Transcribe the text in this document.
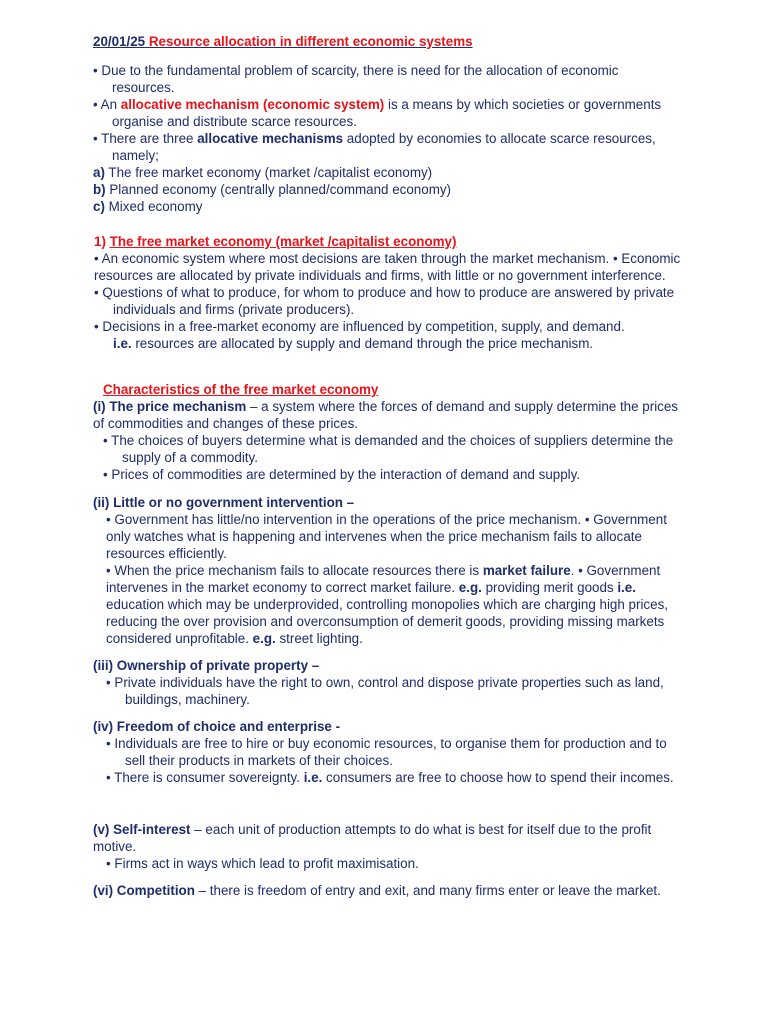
20/01/25 Resource allocation in different economic systems

• Due to the fundamental problem of scarcity, there is need for the allocation of economic resources.

• An allocative mechanism (economic system) is a means by which societies or governments organise and distribute scarce resources.

• There are three allocative mechanisms adopted by economies to allocate scarce resources, namely;

a) The free market economy (market /capitalist economy)

b) Planned economy (centrally planned/command economy)

c) Mixed economy

1) The free market economy (market /capitalist economy)

• An economic system where most decisions are taken through the market mechanism. • Economic resources are allocated by private individuals and firms, with little or no government interference.

• Questions of what to produce, for whom to produce and how to produce are answered by private individuals and firms (private producers).

• Decisions in a free-market economy are influenced by competition, supply, and demand.

i.e. resources are allocated by supply and demand through the price mechanism.

Characteristics of the free market economy

(i) The price mechanism – a system where the forces of demand and supply determine the prices of commodities and changes of these prices.

• The choices of buyers determine what is demanded and the choices of suppliers determine the supply of a commodity.

• Prices of commodities are determined by the interaction of demand and supply.

(ii) Little or no government intervention –

• Government has little/no intervention in the operations of the price mechanism. • Government only watches what is happening and intervenes when the price mechanism fails to allocate resources efficiently.

• When the price mechanism fails to allocate resources there is market failure. • Government intervenes in the market economy to correct market failure. e.g. providing merit goods i.e. education which may be underprovided, controlling monopolies which are charging high prices, reducing the over provision and overconsumption of demerit goods, providing missing markets considered unprofitable. e.g. street lighting.

(iii) Ownership of private property –

• Private individuals have the right to own, control and dispose private properties such as land, buildings, machinery.

(iv) Freedom of choice and enterprise -

• Individuals are free to hire or buy economic resources, to organise them for production and to sell their products in markets of their choices.

• There is consumer sovereignty. i.e. consumers are free to choose how to spend their incomes.

(v) Self-interest – each unit of production attempts to do what is best for itself due to the profit motive.

• Firms act in ways which lead to profit maximisation.

(vi) Competition – there is freedom of entry and exit, and many firms enter or leave the market.
